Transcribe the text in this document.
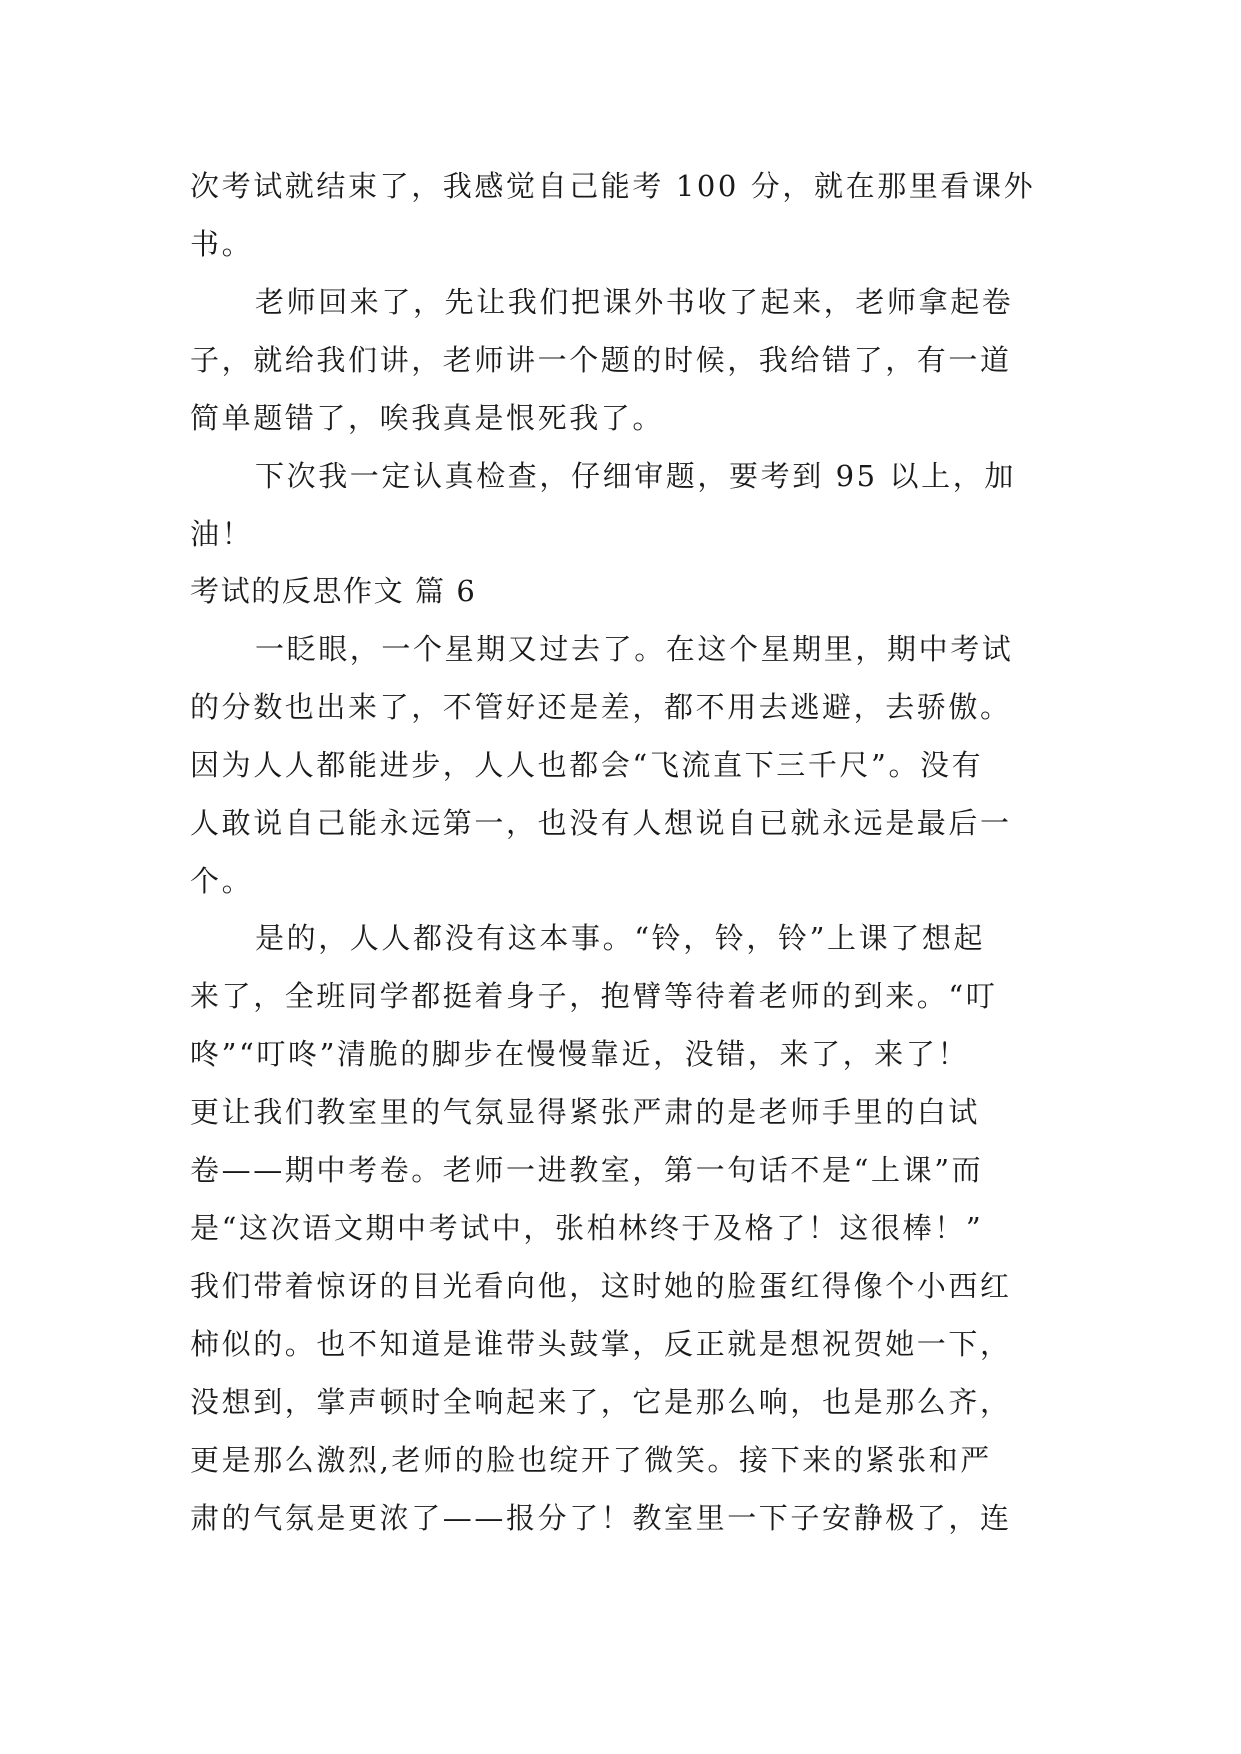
次考试就结束了，我感觉自己能考 100 分，就在那里看课外
书。
老师回来了，先让我们把课外书收了起来，老师拿起卷
子，就给我们讲，老师讲一个题的时候，我给错了，有一道
简单题错了，唉我真是恨死我了。
下次我一定认真检查，仔细审题，要考到 95 以上，加
油！
考试的反思作文 篇 6
一眨眼，一个星期又过去了。在这个星期里，期中考试
的分数也出来了，不管好还是差，都不用去逃避，去骄傲。
因为人人都能进步，人人也都会“飞流直下三千尺”。没有
人敢说自己能永远第一，也没有人想说自已就永远是最后一
个。
是的，人人都没有这本事。“铃，铃，铃”上课了想起
来了，全班同学都挺着身子，抱臂等待着老师的到来。“叮
咚”“叮咚”清脆的脚步在慢慢靠近，没错，来了，来了！
更让我们教室里的气氛显得紧张严肃的是老师手里的白试
卷——期中考卷。老师一进教室，第一句话不是“上课”而
是“这次语文期中考试中，张柏林终于及格了！这很棒！”
我们带着惊讶的目光看向他，这时她的脸蛋红得像个小西红
柿似的。也不知道是谁带头鼓掌，反正就是想祝贺她一下，
没想到，掌声顿时全响起来了，它是那么响，也是那么齐，
更是那么激烈,老师的脸也绽开了微笑。接下来的紧张和严
肃的气氛是更浓了——报分了！教室里一下子安静极了，连
